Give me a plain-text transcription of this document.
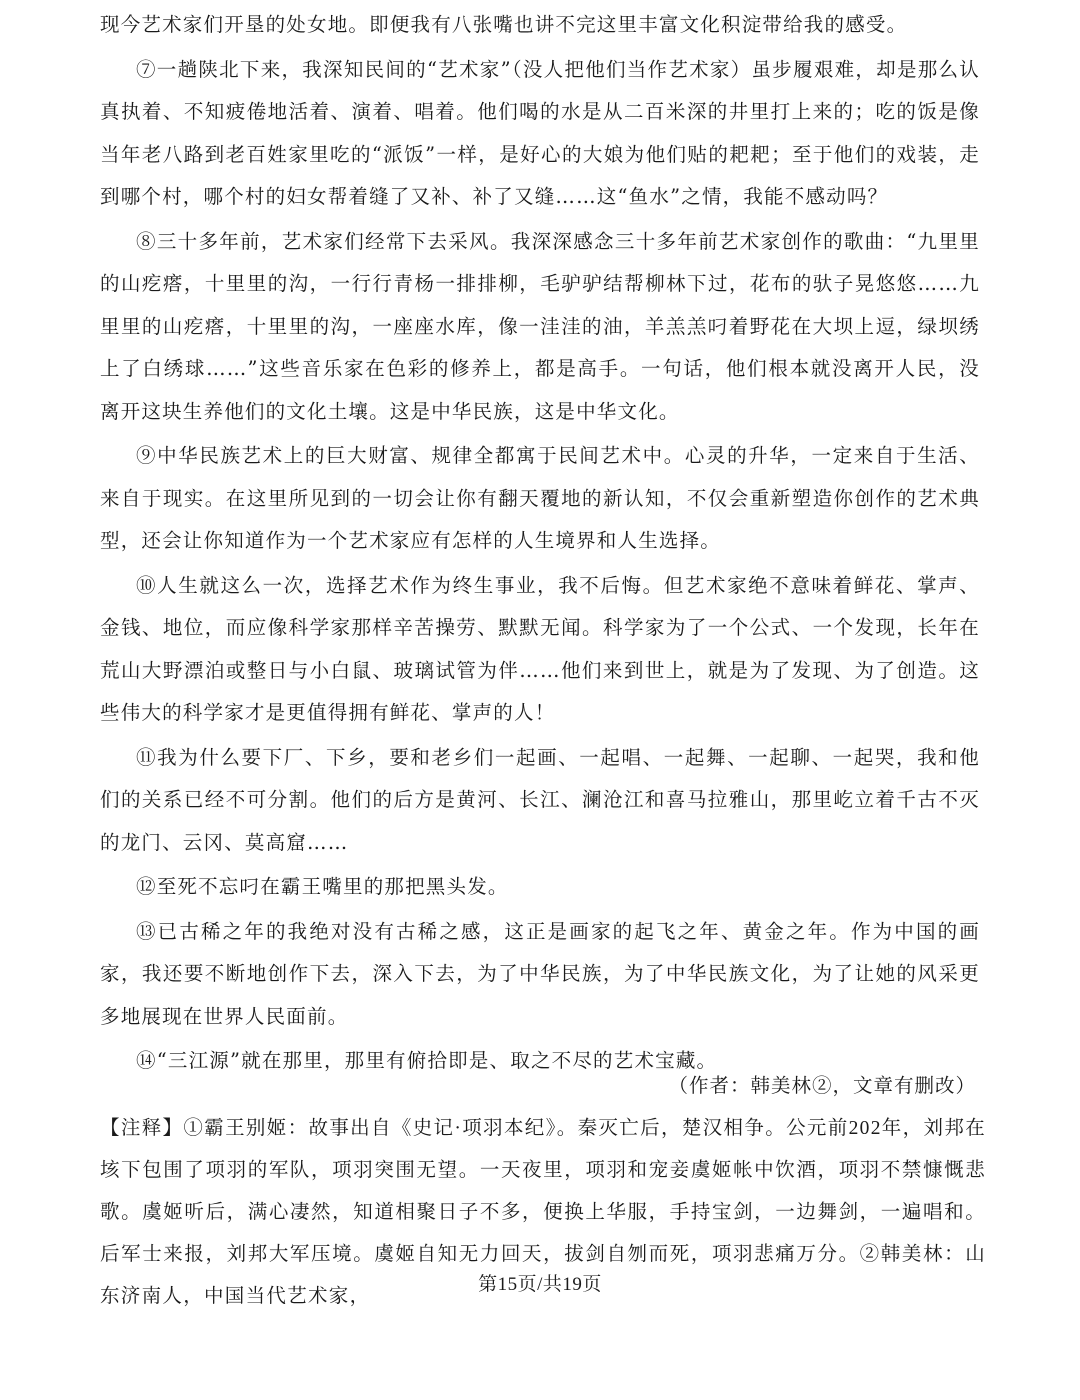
现今艺术家们开垦的处女地。即便我有八张嘴也讲不完这里丰富文化积淀带给我的感受。

⑦一趟陕北下来，我深知民间的“艺术家”（没人把他们当作艺术家）虽步履艰难，却是那么认真执着、不知疲倦地活着、演着、唱着。他们喝的水是从二百米深的井里打上来的；吃的饭是像当年老八路到老百姓家里吃的“派饭”一样，是好心的大娘为他们贴的耙耙；至于他们的戏装，走到哪个村，哪个村的妇女帮着缝了又补、补了又缝……这“鱼水”之情，我能不感动吗？

⑧三十多年前，艺术家们经常下去采风。我深深感念三十多年前艺术家创作的歌曲：“九里里的山疙瘩，十里里的沟，一行行青杨一排排柳，毛驴驴结帮柳林下过，花布的驮子晃悠悠……九里里的山疙瘩，十里里的沟，一座座水库，像一洼洼的油，羊羔羔叼着野花在大坝上逗，绿坝绣上了白绣球……”这些音乐家在色彩的修养上，都是高手。一句话，他们根本就没离开人民，没离开这块生养他们的文化土壤。这是中华民族，这是中华文化。

⑨中华民族艺术上的巨大财富、规律全都寓于民间艺术中。心灵的升华，一定来自于生活、来自于现实。在这里所见到的一切会让你有翻天覆地的新认知，不仅会重新塑造你创作的艺术典型，还会让你知道作为一个艺术家应有怎样的人生境界和人生选择。

⑩人生就这么一次，选择艺术作为终生事业，我不后悔。但艺术家绝不意味着鲜花、掌声、金钱、地位，而应像科学家那样辛苦操劳、默默无闻。科学家为了一个公式、一个发现，长年在荒山大野漂泊或整日与小白鼠、玻璃试管为伴……他们来到世上，就是为了发现、为了创造。这些伟大的科学家才是更值得拥有鲜花、掌声的人！

⑪我为什么要下厂、下乡，要和老乡们一起画、一起唱、一起舞、一起聊、一起哭，我和他们的关系已经不可分割。他们的后方是黄河、长江、澜沧江和喜马拉雅山，那里屹立着千古不灭的龙门、云冈、莫高窟……

⑫至死不忘叼在霸王嘴里的那把黑头发。

⑬已古稀之年的我绝对没有古稀之感，这正是画家的起飞之年、黄金之年。作为中国的画家，我还要不断地创作下去，深入下去，为了中华民族，为了中华民族文化，为了让她的风采更多地展现在世界人民面前。

⑭“三江源”就在那里，那里有俯拾即是、取之不尽的艺术宝藏。

（作者：韩美林②，文章有删改）
【注释】①霸王别姬：故事出自《史记·项羽本纪》。秦灭亡后，楚汉相争。公元前202年，刘邦在垓下包围了项羽的军队，项羽突围无望。一天夜里，项羽和宠妾虞姬帐中饮酒，项羽不禁慷慨悲歌。虞姬听后，满心凄然，知道相聚日子不多，便换上华服，手持宝剑，一边舞剑，一遍唱和。后军士来报，刘邦大军压境。虞姬自知无力回天，拔剑自刎而死，项羽悲痛万分。②韩美林：山东济南人，中国当代艺术家，
第15页/共19页
